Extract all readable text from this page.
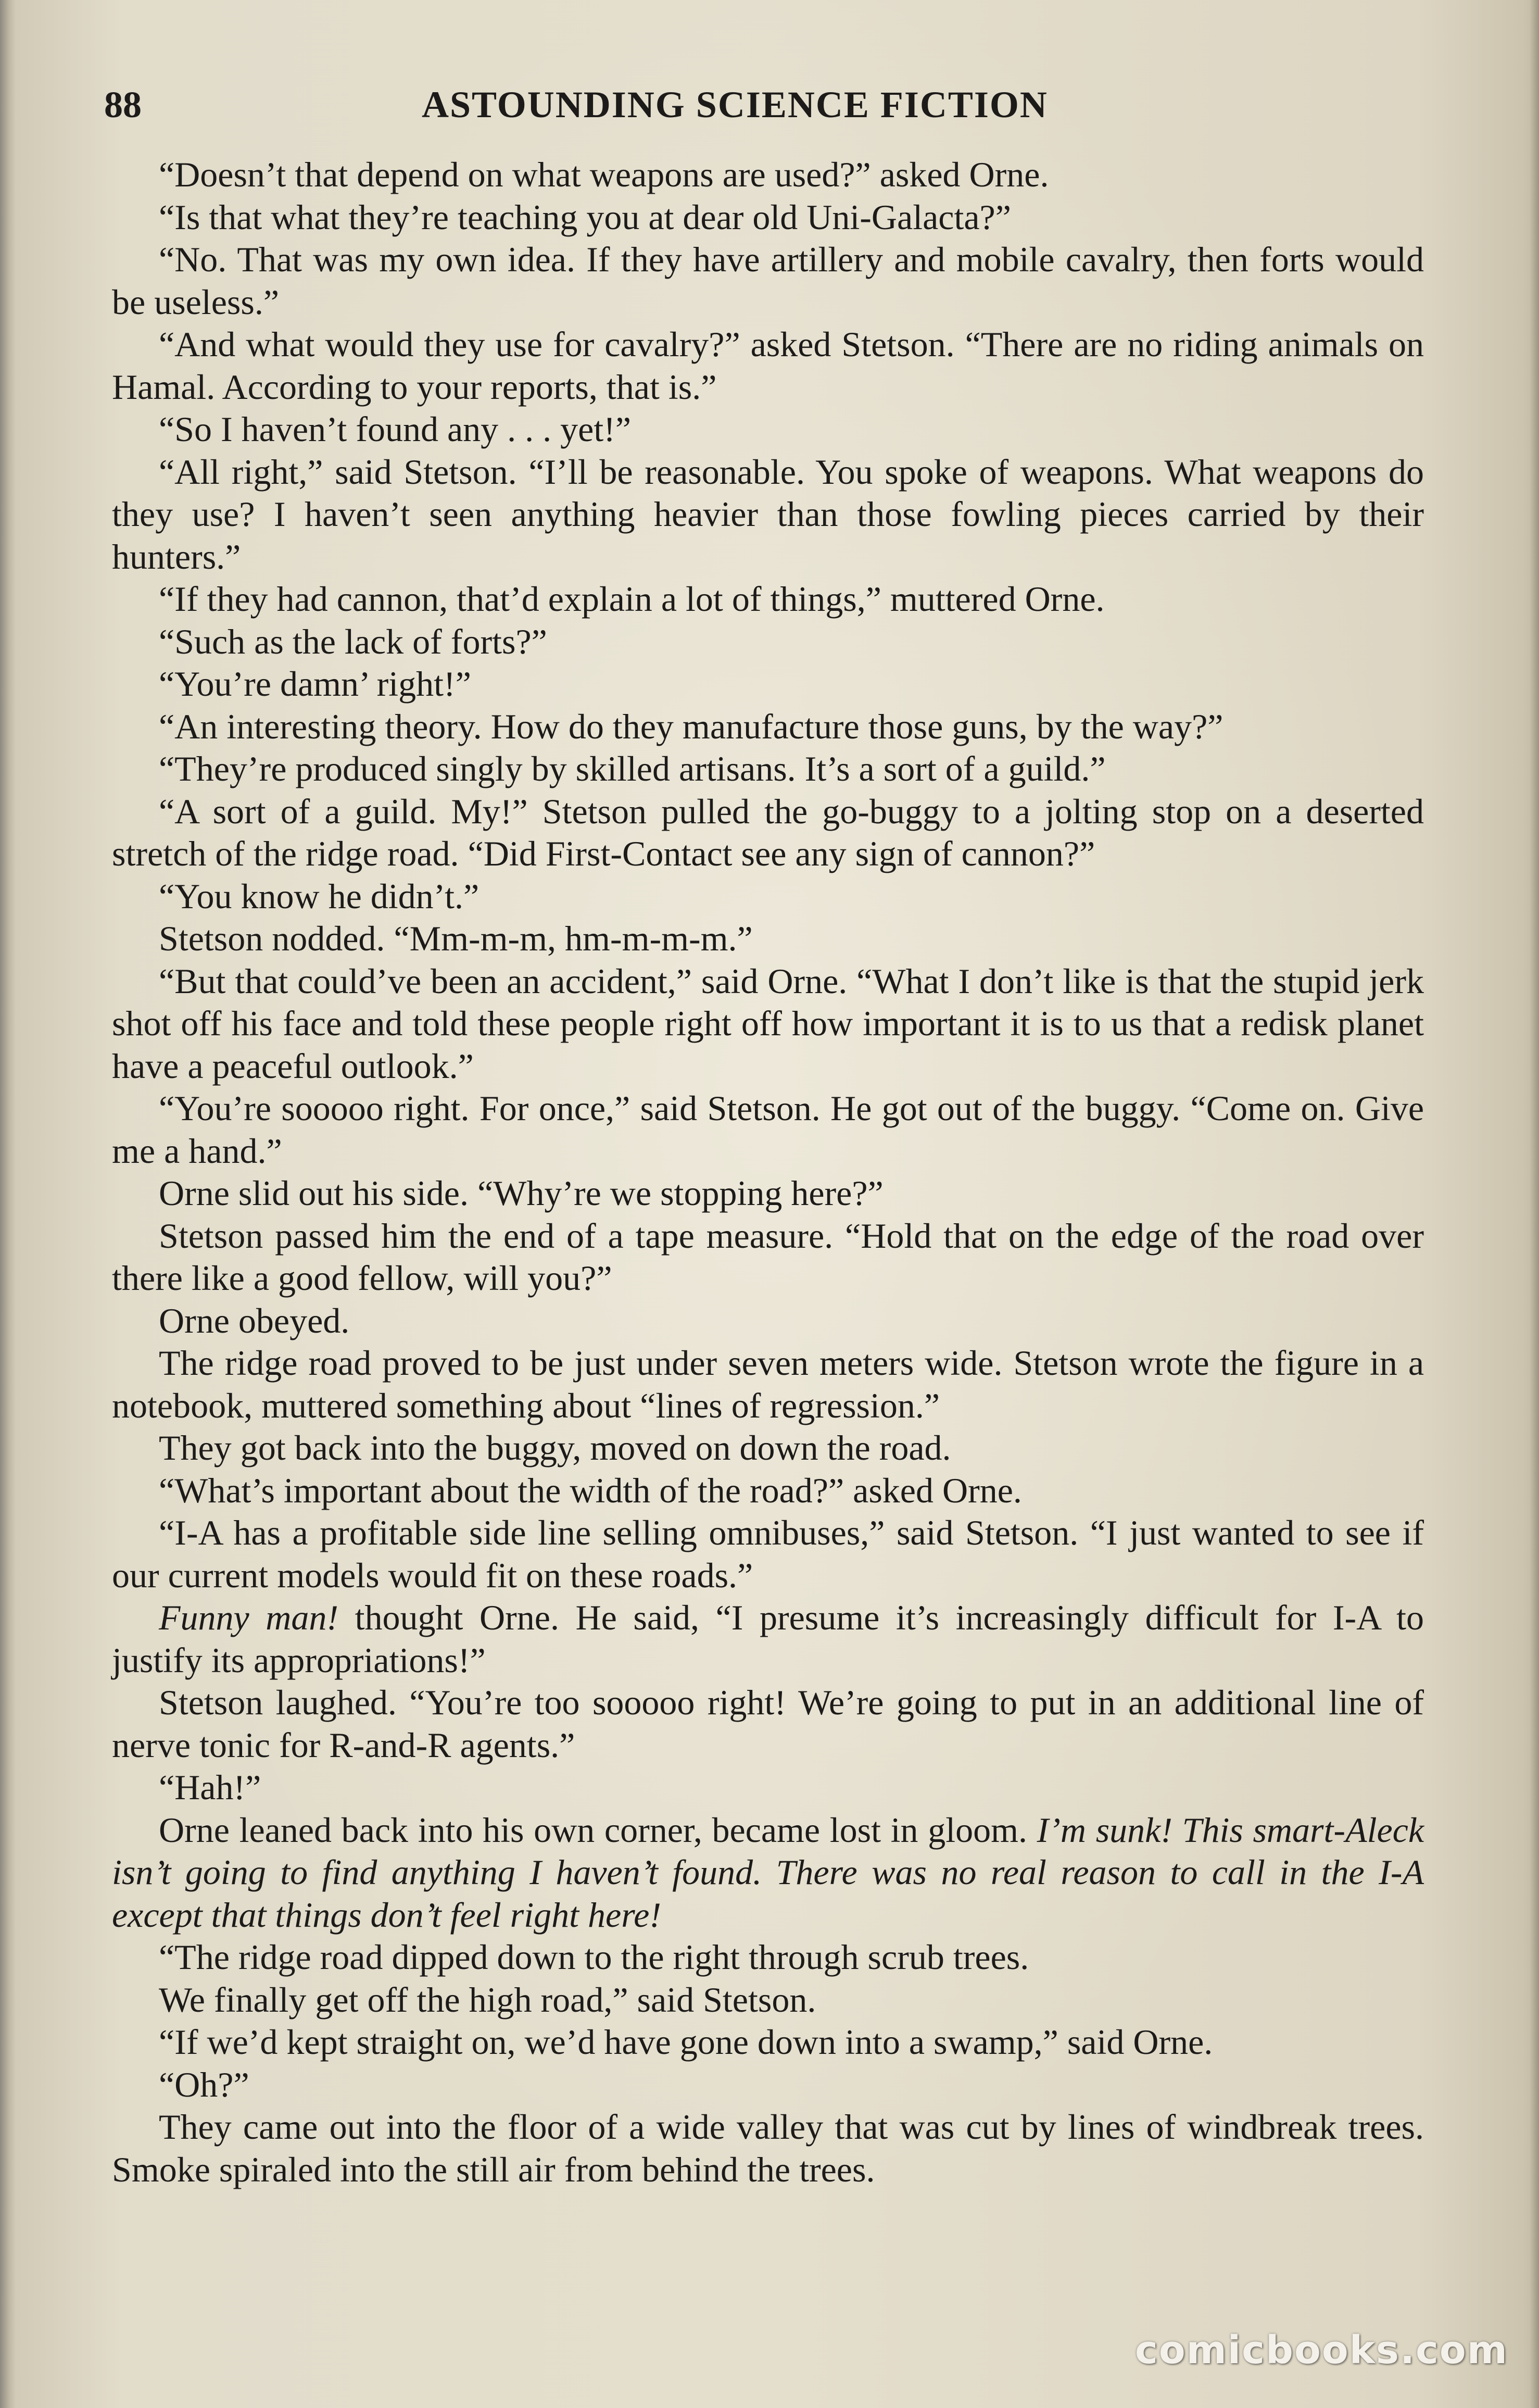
88	ASTOUNDING SCIENCE FICTION

“Doesn’t that depend on what weapons are used?” asked Orne.

“Is that what they’re teaching you at dear old Uni-Galacta?”

“No. That was my own idea. If they have artillery and mobile cavalry, then forts would be useless.”

“And what would they use for cavalry?” asked Stetson. “There are no riding animals on Hamal. According to your reports, that is.”

“So I haven’t found any . . . yet!”

“All right,” said Stetson. “I’ll be reasonable. You spoke of weapons. What weapons do they use? I haven’t seen anything heavier than those fowling pieces carried by their hunters.”

“If they had cannon, that’d explain a lot of things,” muttered Orne.

“Such as the lack of forts?”

“You’re damn’ right!”

“An interesting theory. How do they manufacture those guns, by the way?”

“They’re produced singly by skilled artisans. It’s a sort of a guild.”

“A sort of a guild. My!” Stetson pulled the go-buggy to a jolting stop on a deserted stretch of the ridge road. “Did First-Contact see any sign of cannon?”

“You know he didn’t.”

Stetson nodded. “Mm-m-m, hm-m-m-m.”

“But that could’ve been an accident,” said Orne. “What I don’t like is that the stupid jerk shot off his face and told these people right off how important it is to us that a redisk planet have a peaceful outlook.”

“You’re sooooo right. For once,” said Stetson. He got out of the buggy. “Come on. Give me a hand.”

Orne slid out his side. “Why’re we stopping here?”

Stetson passed him the end of a tape measure. “Hold that on the edge of the road over there like a good fellow, will you?”

Orne obeyed.

The ridge road proved to be just under seven meters wide. Stetson wrote the figure in a notebook, muttered something about “lines of regression.”

They got back into the buggy, moved on down the road.

“What’s important about the width of the road?” asked Orne.

“I-A has a profitable side line selling omnibuses,” said Stetson. “I just wanted to see if our current models would fit on these roads.”

Funny man! thought Orne. He said, “I presume it’s increasingly difficult for I-A to justify its appropriations!”

Stetson laughed. “You’re too sooooo right! We’re going to put in an additional line of nerve tonic for R-and-R agents.”

“Hah!”

Orne leaned back into his own corner, became lost in gloom. I’m sunk! This smart-Aleck isn’t going to find anything I haven’t found. There was no real reason to call in the I-A except that things don’t feel right here!

“The ridge road dipped down to the right through scrub trees.

We finally get off the high road,” said Stetson.

“If we’d kept straight on, we’d have gone down into a swamp,” said Orne.

“Oh?”

They came out into the floor of a wide valley that was cut by lines of windbreak trees. Smoke spiraled into the still air from behind the trees.

comicbooks.com
